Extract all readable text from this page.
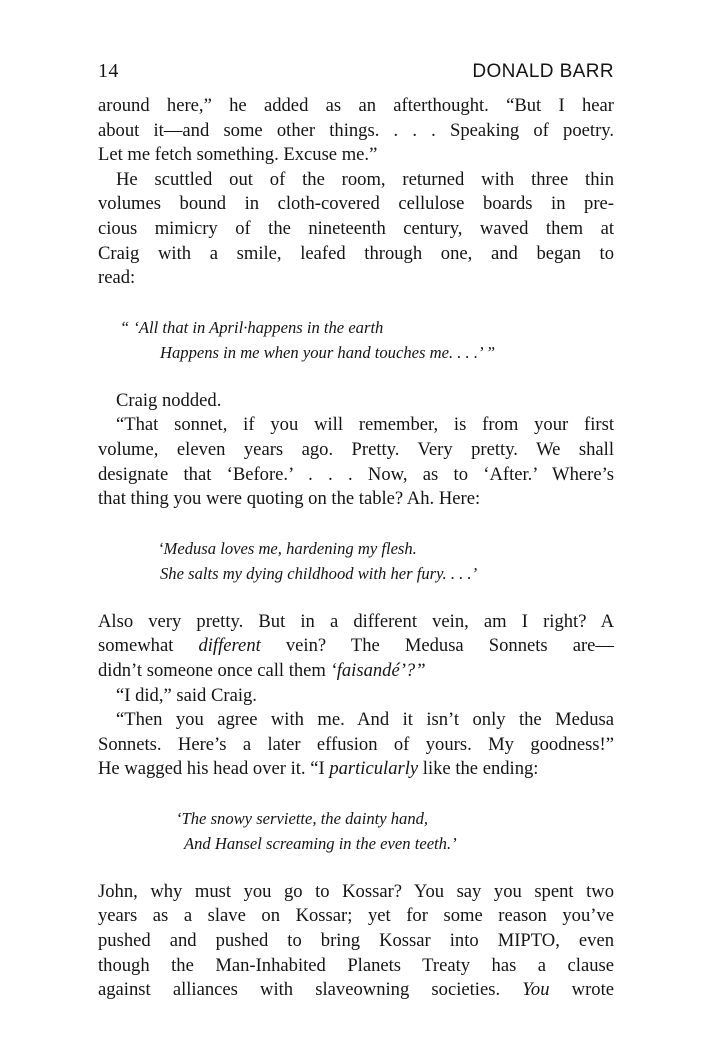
14	DONALD BARR

around here,” he added as an afterthought. “But I hear

about it—and some other things. . . . Speaking of poetry.

Let me fetch something. Excuse me.”

He scuttled out of the room, returned with three thin

volumes bound in cloth-covered cellulose boards in pre-

cious mimicry of the nineteenth century, waved them at

Craig with a smile, leafed through one, and began to

read:

“ ‘All that in April·happens in the earth

Happens in me when your hand touches me. . . .’ ”

Craig nodded.

“That sonnet, if you will remember, is from your first

volume, eleven years ago. Pretty. Very pretty. We shall

designate that ‘Before.’ . . . Now, as to ‘After.’ Where’s

that thing you were quoting on the table? Ah. Here:

‘Medusa loves me, hardening my flesh.

She salts my dying childhood with her fury. . . .’

Also very pretty. But in a different vein, am I right? A

somewhat different vein? The Medusa Sonnets are—

didn’t someone once call them ‘faisandé’?”

“I did,” said Craig.

“Then you agree with me. And it isn’t only the Medusa

Sonnets. Here’s a later effusion of yours. My goodness!”

He wagged his head over it. “I particularly like the ending:

‘The snowy serviette, the dainty hand,

And Hansel screaming in the even teeth.’

John, why must you go to Kossar? You say you spent two

years as a slave on Kossar; yet for some reason you’ve

pushed and pushed to bring Kossar into MIPTO, even

though the Man-Inhabited Planets Treaty has a clause

against alliances with slaveowning societies. You wrote
